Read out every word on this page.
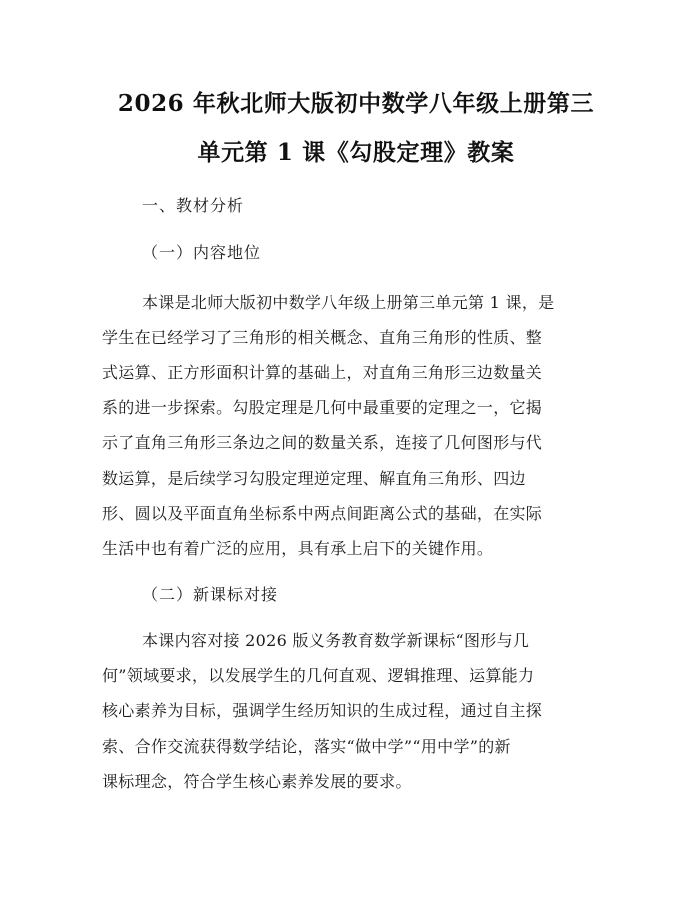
2026 年秋北师大版初中数学八年级上册第三
单元第 1 课《勾股定理》教案
一、教材分析
（一）内容地位
本课是北师大版初中数学八年级上册第三单元第 1 课，是
学生在已经学习了三角形的相关概念、直角三角形的性质、整
式运算、正方形面积计算的基础上，对直角三角形三边数量关
系的进一步探索。勾股定理是几何中最重要的定理之一，它揭
示了直角三角形三条边之间的数量关系，连接了几何图形与代
数运算，是后续学习勾股定理逆定理、解直角三角形、四边
形、圆以及平面直角坐标系中两点间距离公式的基础，在实际
生活中也有着广泛的应用，具有承上启下的关键作用。
（二）新课标对接
本课内容对接 2026 版义务教育数学新课标“图形与几
何”领域要求，以发展学生的几何直观、逻辑推理、运算能力
核心素养为目标，强调学生经历知识的生成过程，通过自主探
索、合作交流获得数学结论，落实“做中学”“用中学”的新
课标理念，符合学生核心素养发展的要求。
